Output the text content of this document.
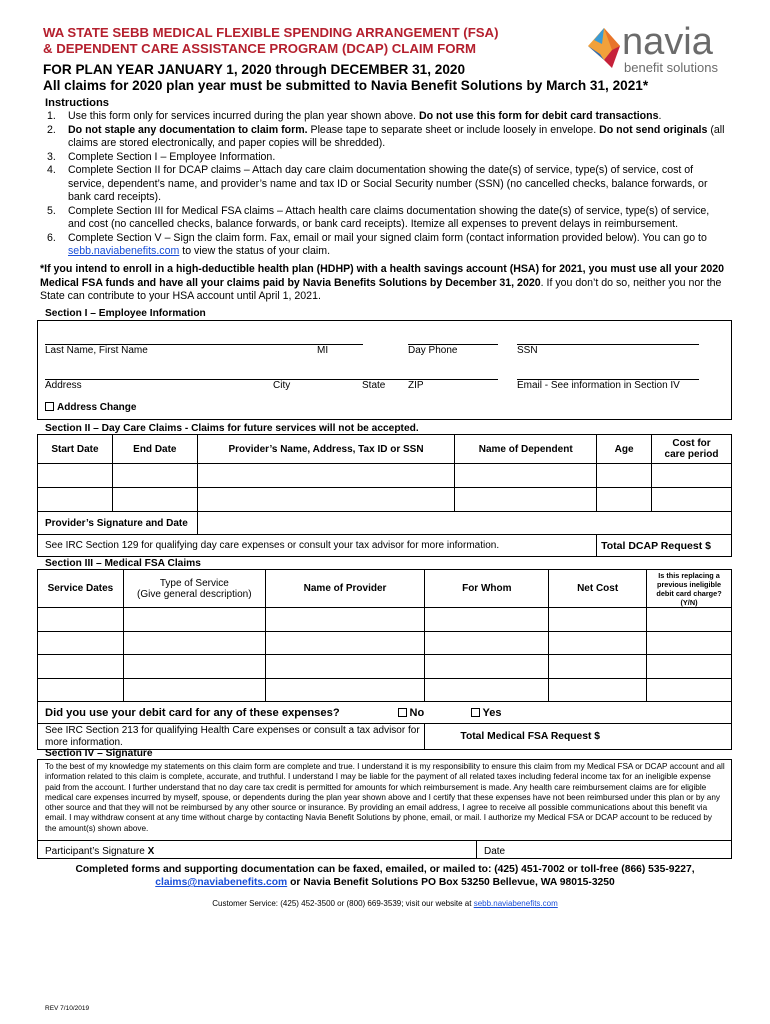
WA STATE SEBB MEDICAL FLEXIBLE SPENDING ARRANGEMENT (FSA)
& DEPENDENT CARE ASSISTANCE PROGRAM (DCAP) CLAIM FORM
FOR PLAN YEAR JANUARY 1, 2020 through DECEMBER 31, 2020
All claims for 2020 plan year must be submitted to Navia Benefit Solutions by March 31, 2021*
navia
benefit solutions
Instructions
1. Use this form only for services incurred during the plan year shown above. Do not use this form for debit card transactions.
2. Do not staple any documentation to claim form. Please tape to separate sheet or include loosely in envelope. Do not send originals (all claims are stored electronically, and paper copies will be shredded).
3. Complete Section I – Employee Information.
4. Complete Section II for DCAP claims – Attach day care claim documentation showing the date(s) of service, type(s) of service, cost of service, dependent’s name, and provider’s name and tax ID or Social Security number (SSN) (no cancelled checks, balance forwards, or bank card receipts).
5. Complete Section III for Medical FSA claims – Attach health care claims documentation showing the date(s) of service, type(s) of service, and cost (no cancelled checks, balance forwards, or bank card receipts). Itemize all expenses to prevent delays in reimbursement.
6. Complete Section V – Sign the claim form. Fax, email or mail your signed claim form (contact information provided below). You can go to sebb.naviabenefits.com to view the status of your claim.
*If you intend to enroll in a high-deductible health plan (HDHP) with a health savings account (HSA) for 2021, you must use all your 2020 Medical FSA funds and have all your claims paid by Navia Benefits Solutions by December 31, 2020. If you don’t do so, neither you nor the State can contribute to your HSA account until April 1, 2021.
Section I – Employee Information
Last Name, First Name	MI	Day Phone	SSN
Address	City	State ZIP	Email - See information in Section IV
Address Change
Section II – Day Care Claims - Claims for future services will not be accepted.
Start Date	End Date	Provider’s Name, Address, Tax ID or SSN	Name of Dependent	Age	Cost for care period

Provider’s Signature and Date					
See IRC Section 129 for qualifying day care expenses or consult your tax advisor for more information.				Total DCAP Request $	
Section III – Medical FSA Claims
Service Dates	Type of Service
(Give general description)	Name of Provider	For Whom	Net Cost	Is this replacing a previous ineligible debit card charge? (Y/N)

Did you use your debit card for any of these expenses? No Yes					

See IRC Section 213 for qualifying Health Care expenses or consult a tax advisor for more information.			Total Medical FSA Request $		
Section IV – Signature
To the best of my knowledge my statements on this claim form are complete and true. I understand it is my responsibility to ensure this claim from my Medical FSA or DCAP account and all information related to this claim is complete, accurate, and truthful. I understand I may be liable for the payment of all related taxes including federal income tax for an ineligible expense paid from the account. I further understand that no day care tax credit is permitted for amounts for which reimbursement is made. Any health care reimbursement claims are for eligible medical care expenses incurred by myself, spouse, or dependents during the plan year shown above and I certify that these expenses have not been reimbursed under this plan or by any other source and that they will not be reimbursed by any other source or insurance. By providing an email address, I agree to receive all possible communications about this benefit via email. I may withdraw consent at any time without charge by contacting Navia Benefit Solutions by phone, email, or mail. I authorize my Medical FSA or DCAP account to be reduced by the amount(s) shown above.
Participant’s Signature X	Date
Completed forms and supporting documentation can be faxed, emailed, or mailed to: (425) 451-7002 or toll-free (866) 535-9227,
claims@naviabenefits.com or Navia Benefit Solutions PO Box 53250 Bellevue, WA 98015-3250
Customer Service: (425) 452-3500 or (800) 669-3539; visit our website at sebb.naviabenefits.com
REV 7/10/2019
